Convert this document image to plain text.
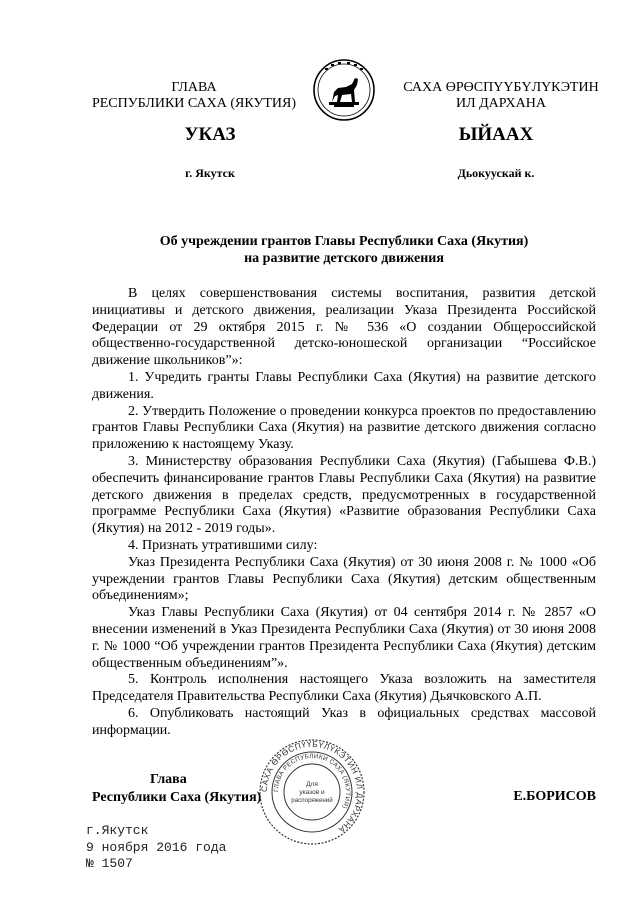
ГЛАВА
РЕСПУБЛИКИ САХА (ЯКУТИЯ)
САХА ӨРӨСПҮҮБҮЛҮКЭТИН
ИЛ ДАРХАНА
УКАЗ	ЫЙААХ
г. Якутск	Дьокуускай к.
Об учреждении грантов Главы Республики Саха (Якутия)
на развитие детского движения

В целях совершенствования системы воспитания, развития детской инициативы и детского движения, реализации Указа Президента Российской Федерации от 29 октября 2015 г. № 536 «О создании Общероссийской общественно-государственной детско-юношеской организации “Российское движение школьников”»:

1. Учредить гранты Главы Республики Саха (Якутия) на развитие детского движения.

2. Утвердить Положение о проведении конкурса проектов по предоставлению грантов Главы Республики Саха (Якутия) на развитие детского движения согласно приложению к настоящему Указу.

3. Министерству образования Республики Саха (Якутия) (Габышева Ф.В.) обеспечить финансирование грантов Главы Республики Саха (Якутия) на развитие детского движения в пределах средств, предусмотренных в государственной программе Республики Саха (Якутия) «Развитие образования Республики Саха (Якутия) на 2012 - 2019 годы».

4. Признать утратившими силу:

Указ Президента Республики Саха (Якутия) от 30 июня 2008 г. № 1000 «Об учреждении грантов Главы Республики Саха (Якутия) детским общественным объединениям»;

Указ Главы Республики Саха (Якутия) от 04 сентября 2014 г. № 2857 «О внесении изменений в Указ Президента Республики Саха (Якутия) от 30 июня 2008 г. № 1000 “Об учреждении грантов Президента Республики Саха (Якутия) детским общественным объединениям”».

5. Контроль исполнения настоящего Указа возложить на заместителя Председателя Правительства Республики Саха (Якутия) Дьячковского А.П.

6. Опубликовать настоящий Указ в официальных средствах массовой информации.

Глава
Республики Саха (Якутия)
САХА ӨРӨСПҮҮБҮЛҮКЭТИН ИЛ ДАРХАНА
ГЛАВА РЕСПУБЛИКИ САХА (ЯКУТИЯ)
Для
указов и
распоряжений	Е.БОРИСОВ
г.Якутск
9 ноября 2016 года
№ 1507
